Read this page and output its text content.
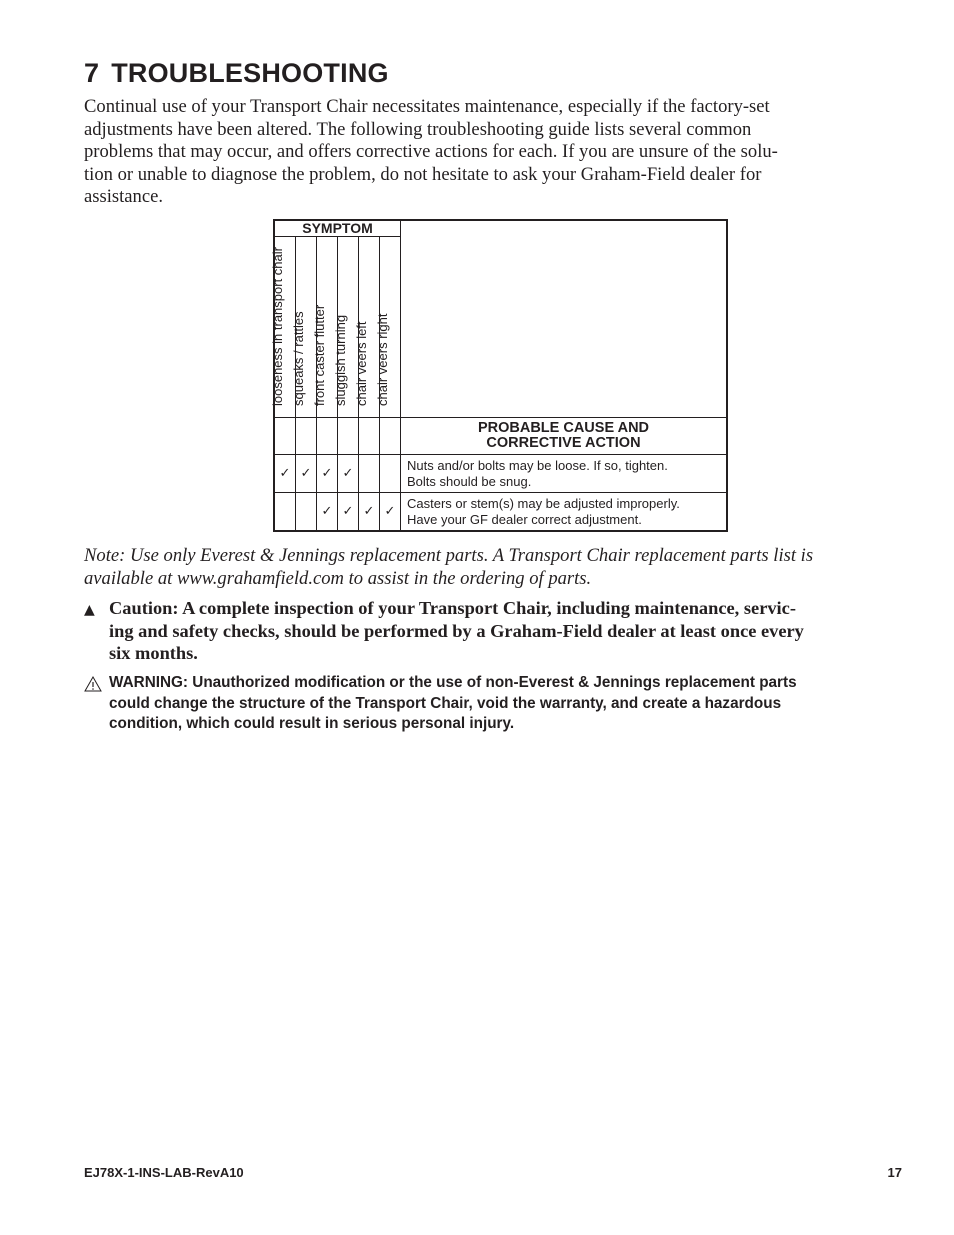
7 TROUBLESHOOTING

Continual use of your Transport Chair necessitates maintenance, especially if the factory-set
adjustments have been altered. The following troubleshooting guide lists several common
problems that may occur, and offers corrective actions for each. If you are unsure of the solu-
tion or unable to diagnose the problem, do not hesitate to ask your Graham-Field dealer for
assistance.

SYMPTOM						

looseness in transport chair	squeaks / rattles	front caster flutter	sluggish turning	chair veers left	chair veers right	

						PROBABLE CAUSE AND
CORRECTIVE ACTION

✓	✓	✓	✓			Nuts and/or bolts may be loose. If so, tighten.
Bolts should be snug.

		✓	✓	✓	✓	Casters or stem(s) may be adjusted improperly.
Have your GF dealer correct adjustment.

Note: Use only Everest & Jennings replacement parts. A Transport Chair replacement parts list is
available at www.grahamfield.com to assist in the ordering of parts.

▲ Caution: A complete inspection of your Transport Chair, including maintenance, servic-
ing and safety checks, should be performed by a Graham-Field dealer at least once every
six months.
WARNING: Unauthorized modification or the use of non-Everest & Jennings replacement parts
could change the structure of the Transport Chair, void the warranty, and create a hazardous
condition, which could result in serious personal injury.
EJ78X-1-INS-LAB-RevA10	17
